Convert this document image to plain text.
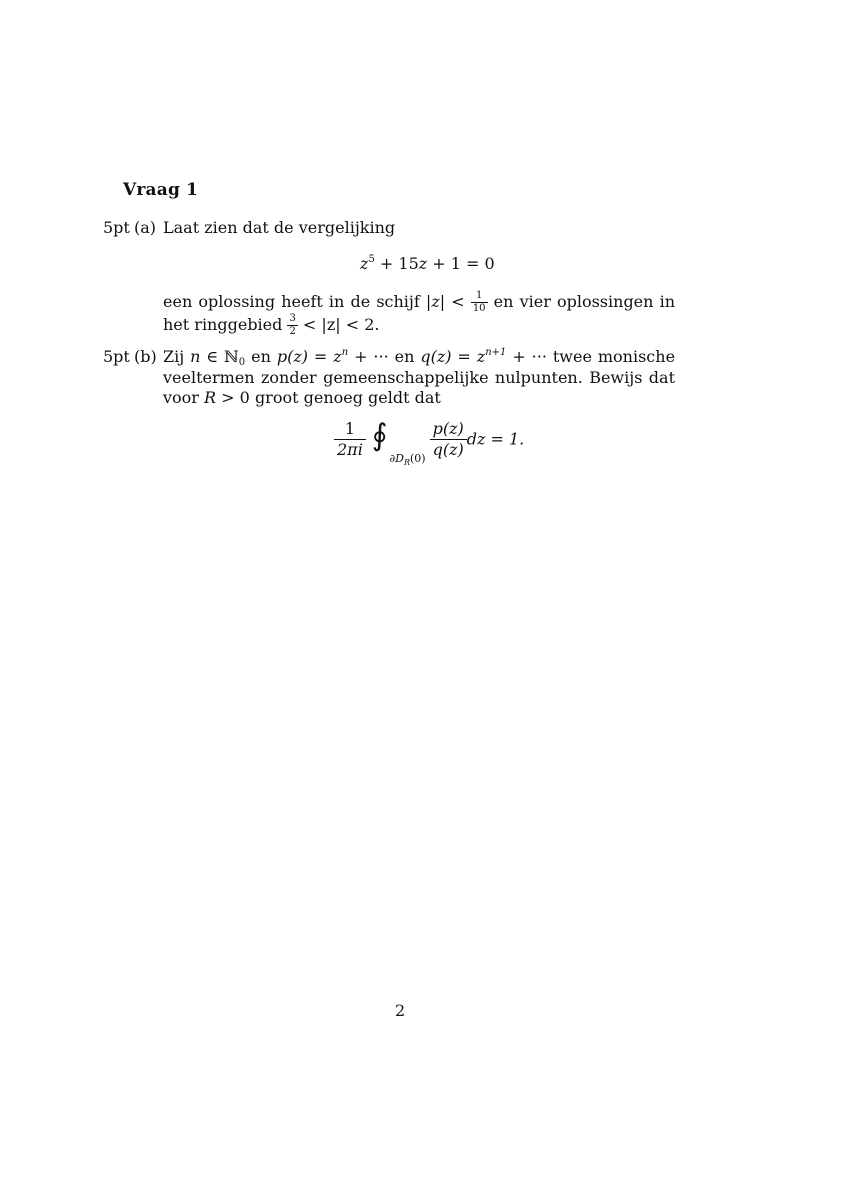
Vraag 1
5pt (a) Laat zien dat de vergelijking
$z^5 + 15z + 1 = 0$
een oplossing heeft in de schijf $|z| < \frac{1}{10}$ en vier oplossingen in het ringgebied $\frac{3}{2} < |z| < 2$.
5pt (b) Zij n ∈ ℕ$_0$ en $p(z) = z^n$ + ··· en $q(z) = z^{n+1}$ + ··· twee monische veeltermen zonder gemeenschappelijke nulpunten. Bewijs dat voor R > 0 groot genoeg geldt dat
$\frac{1}{2\pi i}$ $∮\partial D_R(0) \frac{p(z)}{q(z)}$ dz = 1.
2
